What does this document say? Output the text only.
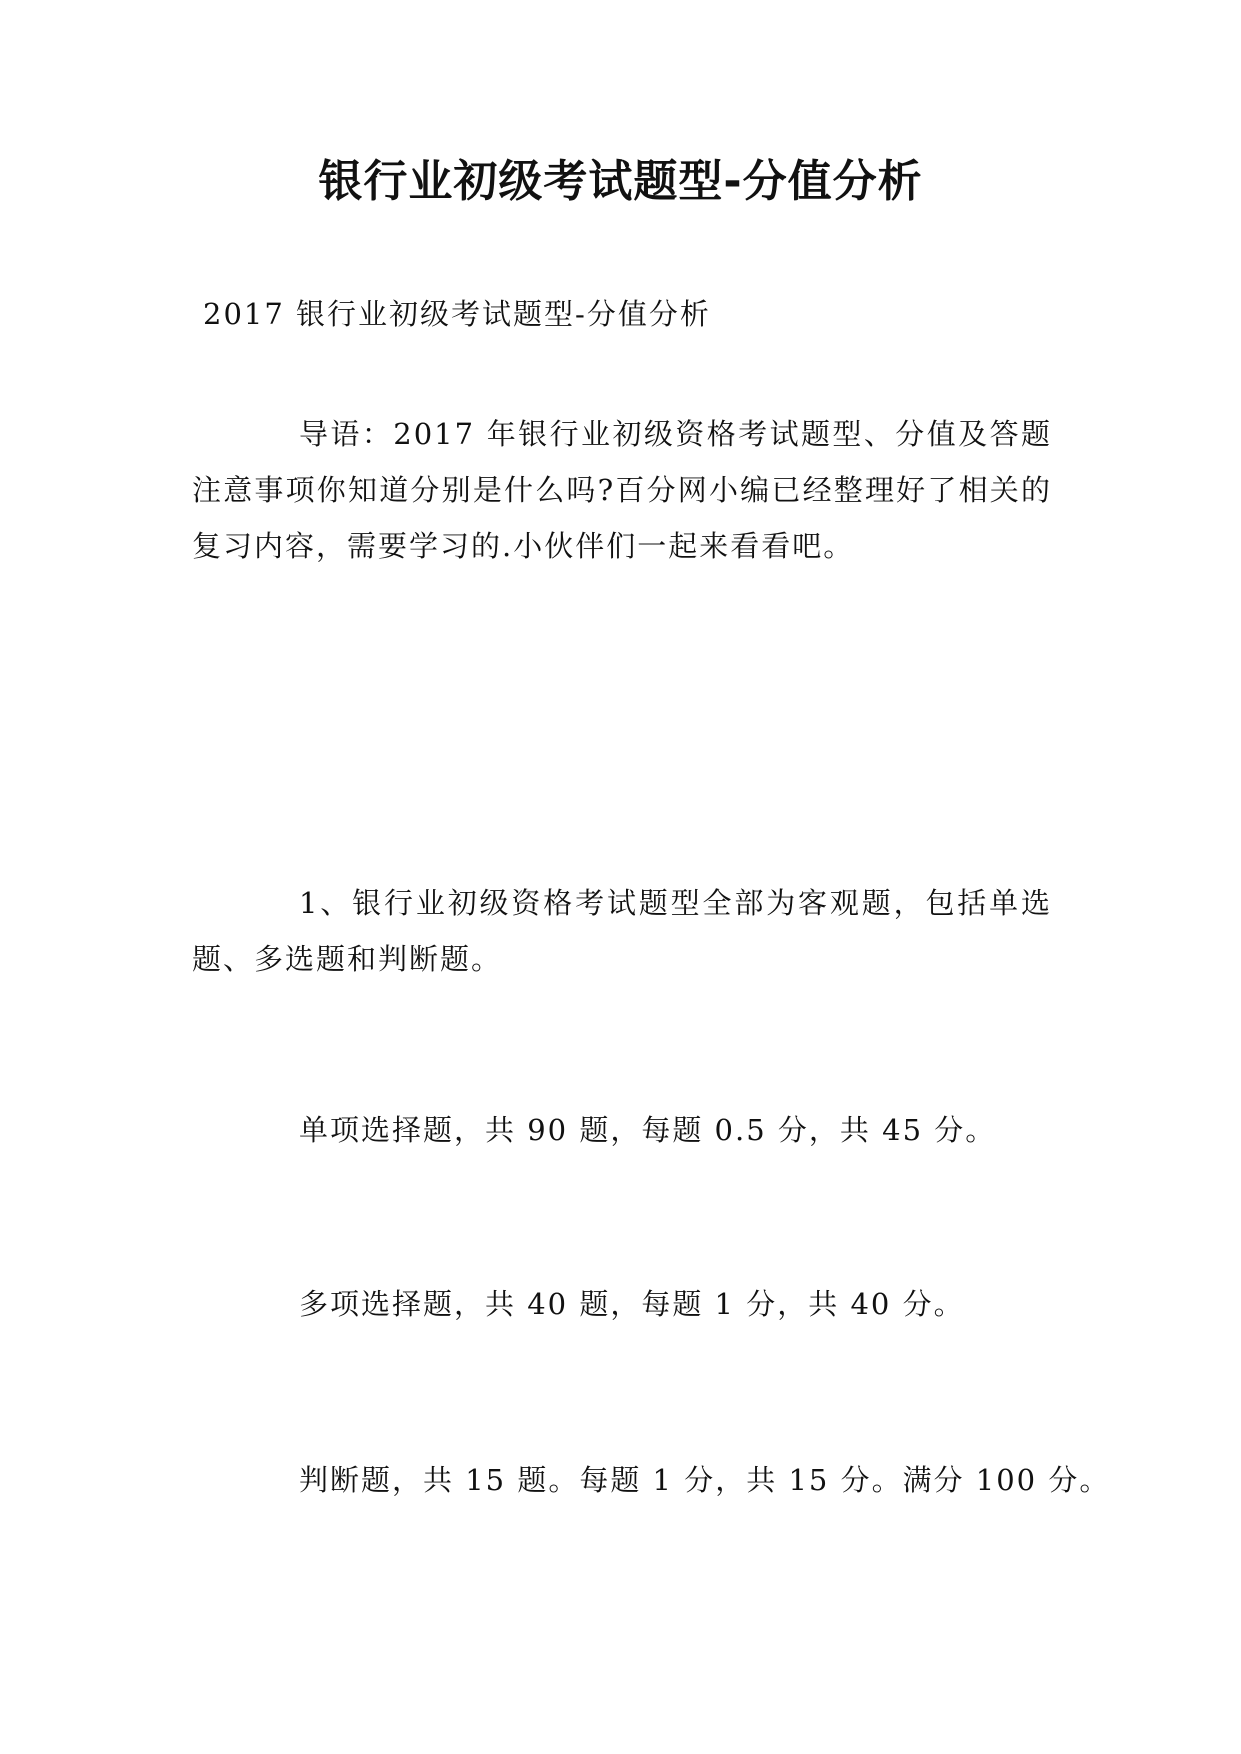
银行业初级考试题型-分值分析

2017 银行业初级考试题型-分值分析

导语：2017 年银行业初级资格考试题型、分值及答题注意事项你知道分别是什么吗?百分网小编已经整理好了相关的复习内容，需要学习的.小伙伴们一起来看看吧。

1、银行业初级资格考试题型全部为客观题，包括单选题、多选题和判断题。

单项选择题，共 90 题，每题 0.5 分，共 45 分。

多项选择题，共 40 题，每题 1 分，共 40 分。

判断题，共 15 题。每题 1 分，共 15 分。满分 100 分。
